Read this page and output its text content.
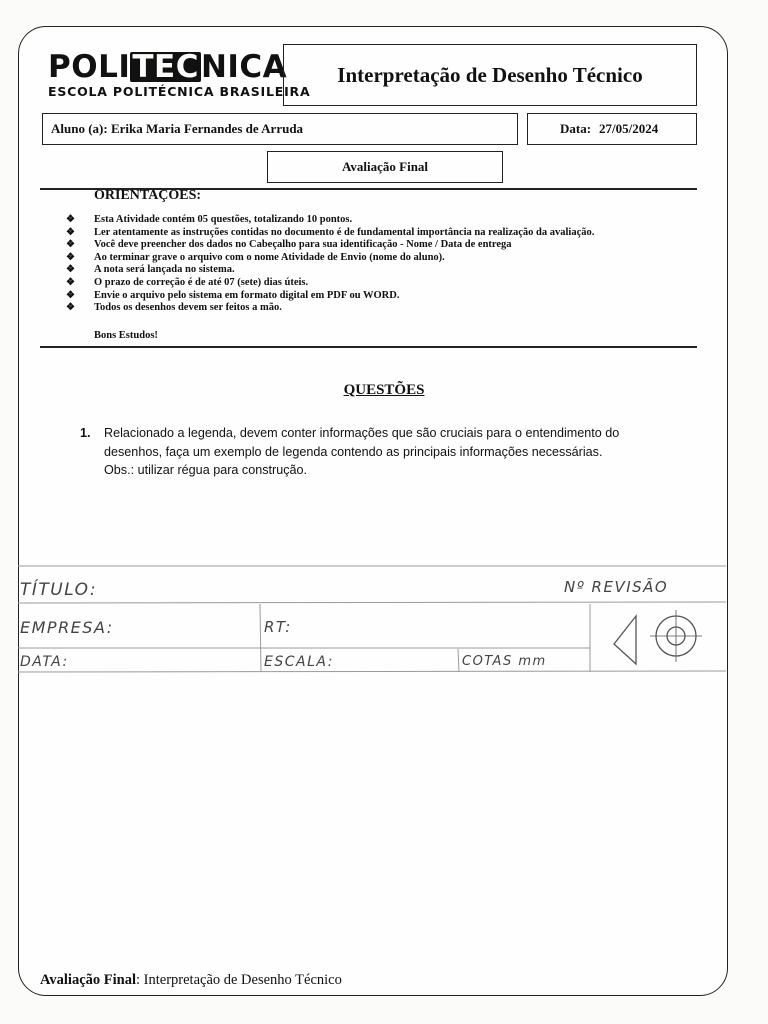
POLITECNICA
ESCOLA POLITÉCNICA BRASILEIRA
Interpretação de Desenho Técnico
Aluno (a): Erika Maria Fernandes de Arruda	Data: 27/05/2024
Avaliação Final
ORIENTAÇOES:
❖	Esta Atividade contém 05 questões, totalizando 10 pontos.
❖	Ler atentamente as instruções contidas no documento é de fundamental importância na realização da avaliação.
❖	Você deve preencher dos dados no Cabeçalho para sua identificação - Nome / Data de entrega
❖	Ao terminar grave o arquivo com o nome Atividade de Envio (nome do aluno).
❖	A nota será lançada no sistema.
❖	O prazo de correção é de até 07 (sete) dias úteis.
❖	Envie o arquivo pelo sistema em formato digital em PDF ou WORD.
❖	Todos os desenhos devem ser feitos a mão.
Bons Estudos!
QUESTÕES
1.	Relacionado a legenda, devem conter informações que são cruciais para o entendimento do
desenhos, faça um exemplo de legenda contendo as principais informações necessárias.
Obs.: utilizar régua para construção.
TÍTULO:	Nº REVISÃO
EMPRESA:	RT:
DATA:	ESCALA:	COTAS mm
Avaliação Final: Interpretação de Desenho Técnico
